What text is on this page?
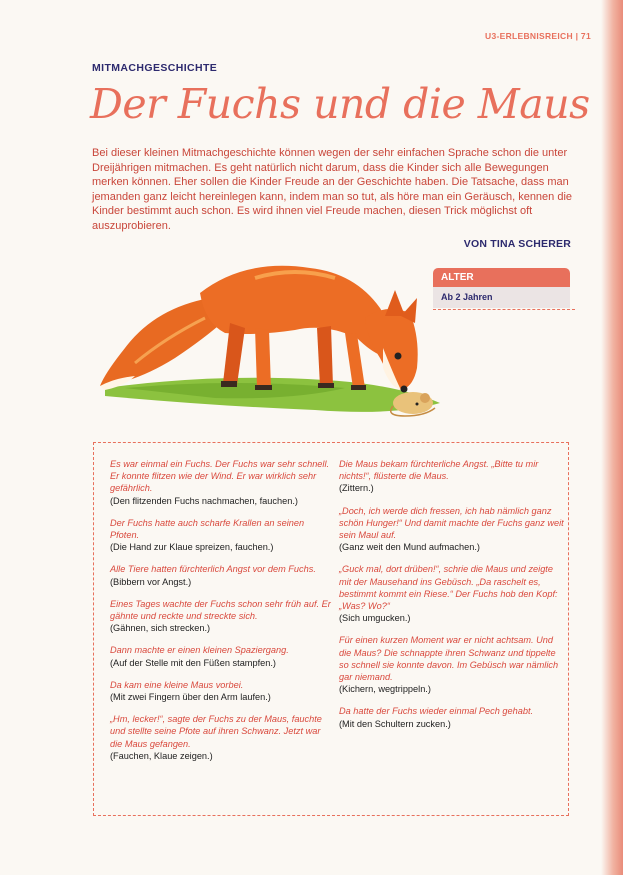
U3-ERLEBNISREICH | 71
MITMACHGESCHICHTE
Der Fuchs und die Maus

Bei dieser kleinen Mitmachgeschichte können wegen der sehr einfachen Sprache schon die unter Dreijährigen mitmachen. Es geht natürlich nicht darum, dass die Kinder sich alle Bewegungen merken können. Eher sollen die Kinder Freude an der Geschichte haben. Die Tatsache, dass man jemanden ganz leicht hereinlegen kann, indem man so tut, als höre man ein Geräusch, kennen die Kinder bestimmt auch schon. Es wird ihnen viel Freude machen, diesen Trick möglichst oft auszuprobieren.

VON TINA SCHERER
ALTER
Ab 2 Jahren

Es war einmal ein Fuchs. Der Fuchs war sehr schnell. Er konnte flitzen wie der Wind. Er war wirklich sehr gefährlich.

(Den flitzenden Fuchs nachmachen, fauchen.)

Der Fuchs hatte auch scharfe Krallen an seinen Pfoten.

(Die Hand zur Klaue spreizen, fauchen.)

Alle Tiere hatten fürchterlich Angst vor dem Fuchs.

(Bibbern vor Angst.)

Eines Tages wachte der Fuchs schon sehr früh auf. Er gähnte und reckte und streckte sich.

(Gähnen, sich strecken.)

Dann machte er einen kleinen Spaziergang.

(Auf der Stelle mit den Füßen stampfen.)

Da kam eine kleine Maus vorbei.

(Mit zwei Fingern über den Arm laufen.)

„Hm, lecker!“, sagte der Fuchs zu der Maus, fauchte und stellte seine Pfote auf ihren Schwanz. Jetzt war die Maus gefangen.

(Fauchen, Klaue zeigen.)

Die Maus bekam fürchterliche Angst. „Bitte tu mir nichts!“, flüsterte die Maus.

(Zittern.)

„Doch, ich werde dich fressen, ich hab nämlich ganz schön Hunger!“ Und damit machte der Fuchs ganz weit sein Maul auf.

(Ganz weit den Mund aufmachen.)

„Guck mal, dort drüben!“, schrie die Maus und zeigte mit der Mausehand ins Gebüsch. „Da raschelt es, bestimmt kommt ein Riese.“ Der Fuchs hob den Kopf: „Was? Wo?“

(Sich umgucken.)

Für einen kurzen Moment war er nicht achtsam. Und die Maus? Die schnappte ihren Schwanz und tippelte so schnell sie konnte davon. Im Gebüsch war nämlich gar niemand.

(Kichern, wegtrippeln.)

Da hatte der Fuchs wieder einmal Pech gehabt.

(Mit den Schultern zucken.)
